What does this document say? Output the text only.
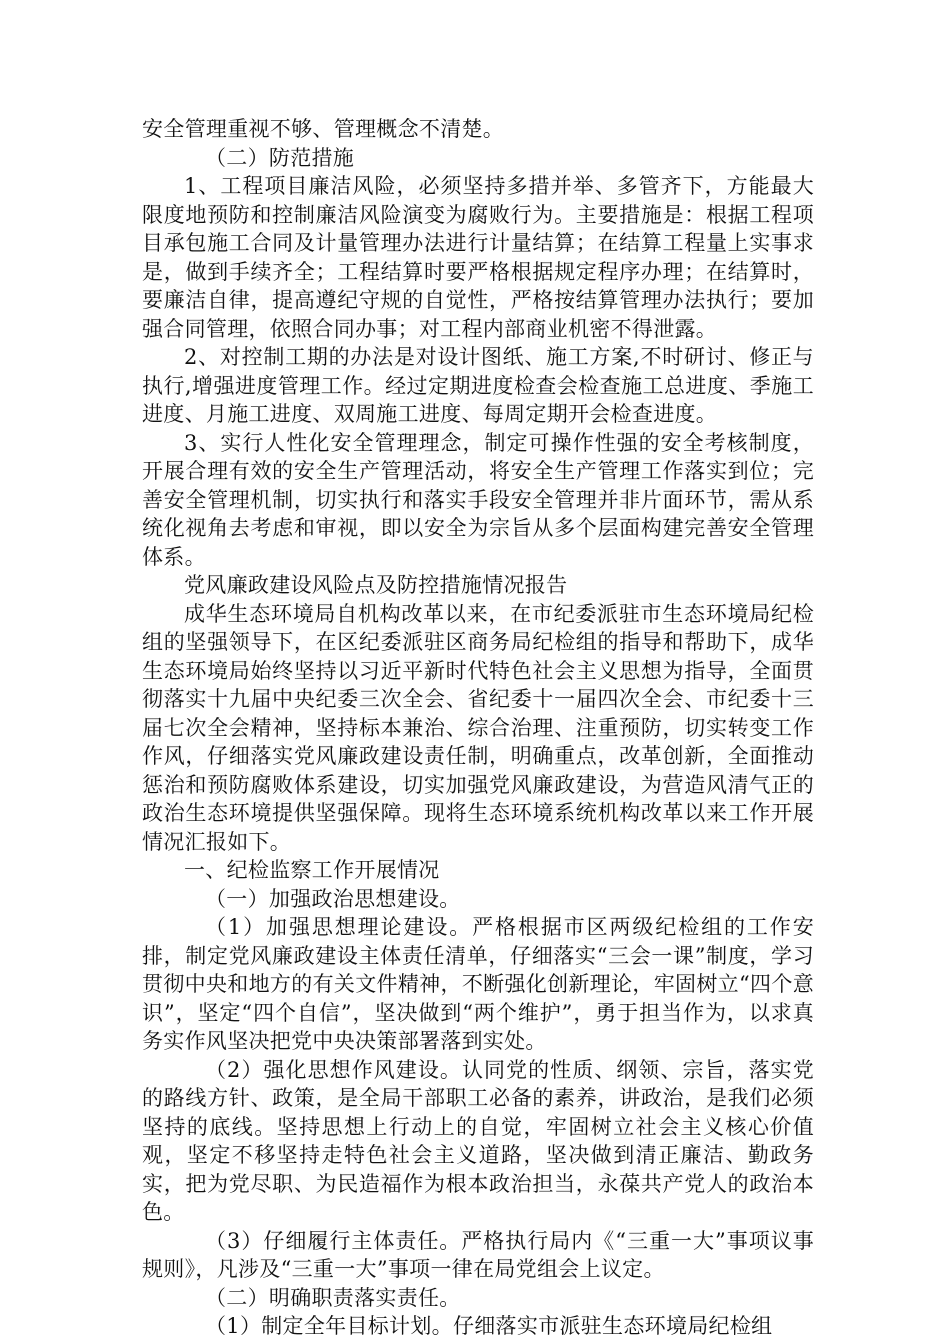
安全管理重视不够、管理概念不清楚。

（二）防范措施

1、工程项目廉洁风险，必须坚持多措并举、多管齐下，方能最大限度地预防和控制廉洁风险演变为腐败行为。主要措施是：根据工程项目承包施工合同及计量管理办法进行计量结算；在结算工程量上实事求是，做到手续齐全；工程结算时要严格根据规定程序办理；在结算时，要廉洁自律，提高遵纪守规的自觉性，严格按结算管理办法执行；要加强合同管理，依照合同办事；对工程内部商业机密不得泄露。

2、对控制工期的办法是对设计图纸、施工方案,不时研讨、修正与执行,增强进度管理工作。经过定期进度检查会检查施工总进度、季施工进度、月施工进度、双周施工进度、每周定期开会检查进度。

3、实行人性化安全管理理念，制定可操作性强的安全考核制度，开展合理有效的安全生产管理活动，将安全生产管理工作落实到位；完善安全管理机制，切实执行和落实手段安全管理并非片面环节，需从系统化视角去考虑和审视，即以安全为宗旨从多个层面构建完善安全管理体系。

党风廉政建设风险点及防控措施情况报告

成华生态环境局自机构改革以来，在市纪委派驻市生态环境局纪检组的坚强领导下，在区纪委派驻区商务局纪检组的指导和帮助下，成华生态环境局始终坚持以习近平新时代特色社会主义思想为指导，全面贯彻落实十九届中央纪委三次全会、省纪委十一届四次全会、市纪委十三届七次全会精神，坚持标本兼治、综合治理、注重预防，切实转变工作作风，仔细落实党风廉政建设责任制，明确重点，改革创新，全面推动惩治和预防腐败体系建设，切实加强党风廉政建设，为营造风清气正的政治生态环境提供坚强保障。现将生态环境系统机构改革以来工作开展情况汇报如下。

一、纪检监察工作开展情况

（一）加强政治思想建设。

（1）加强思想理论建设。严格根据市区两级纪检组的工作安排，制定党风廉政建设主体责任清单，仔细落实“三会一课”制度，学习贯彻中央和地方的有关文件精神，不断强化创新理论，牢固树立“四个意识”，坚定“四个自信”，坚决做到“两个维护”，勇于担当作为，以求真务实作风坚决把党中央决策部署落到实处。

（2）强化思想作风建设。认同党的性质、纲领、宗旨，落实党的路线方针、政策，是全局干部职工必备的素养，讲政治，是我们必须坚持的底线。坚持思想上行动上的自觉，牢固树立社会主义核心价值观，坚定不移坚持走特色社会主义道路，坚决做到清正廉洁、勤政务实，把为党尽职、为民造福作为根本政治担当，永葆共产党人的政治本色。

（3）仔细履行主体责任。严格执行局内《“三重一大”事项议事规则》，凡涉及“三重一大”事项一律在局党组会上议定。

（二）明确职责落实责任。

（1）制定全年目标计划。仔细落实市派驻生态环境局纪检组
